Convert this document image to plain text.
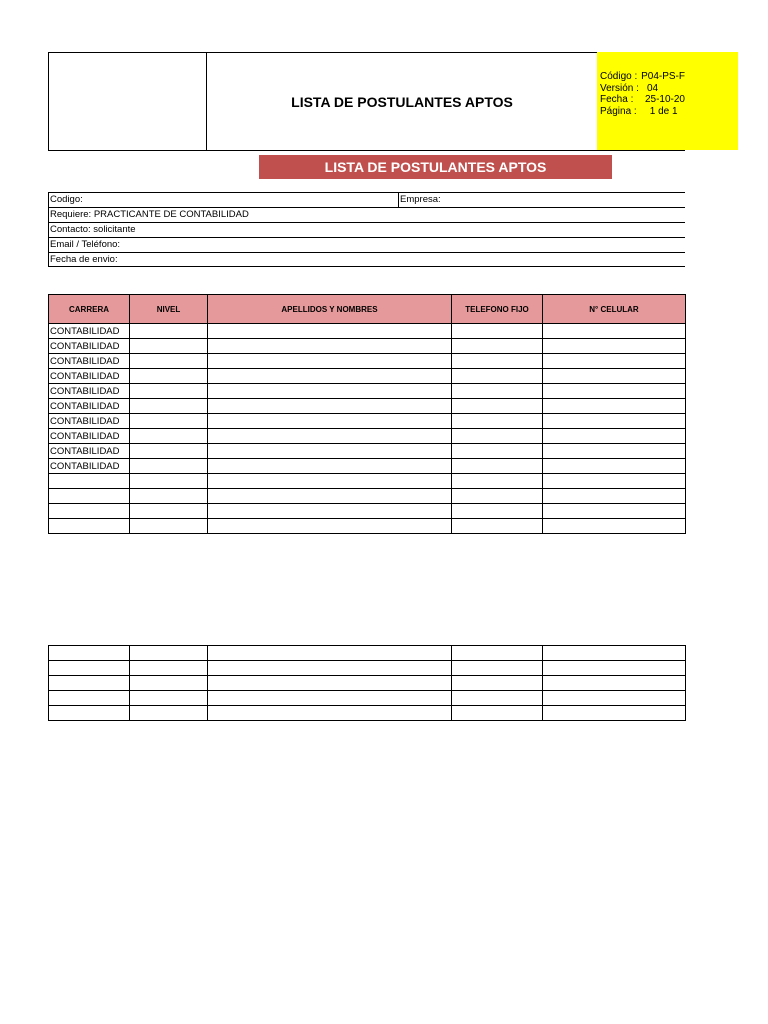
LISTA DE POSTULANTES APTOS
Código : P04-PS-F
Versión : 04
Fecha :	25-10-20
Página :	1 de 1
LISTA DE POSTULANTES APTOS
Codigo:	Empresa:
Requiere: PRACTICANTE DE CONTABILIDAD
Contacto: solicitante
Email / Teléfono:
Fecha de envio:
CARRERA	NIVEL	APELLIDOS Y NOMBRES	TELEFONO FIJO	N° CELULAR
CONTABILIDAD				
CONTABILIDAD				
CONTABILIDAD				
CONTABILIDAD				
CONTABILIDAD				
CONTABILIDAD				
CONTABILIDAD				
CONTABILIDAD				
CONTABILIDAD				
CONTABILIDAD				
